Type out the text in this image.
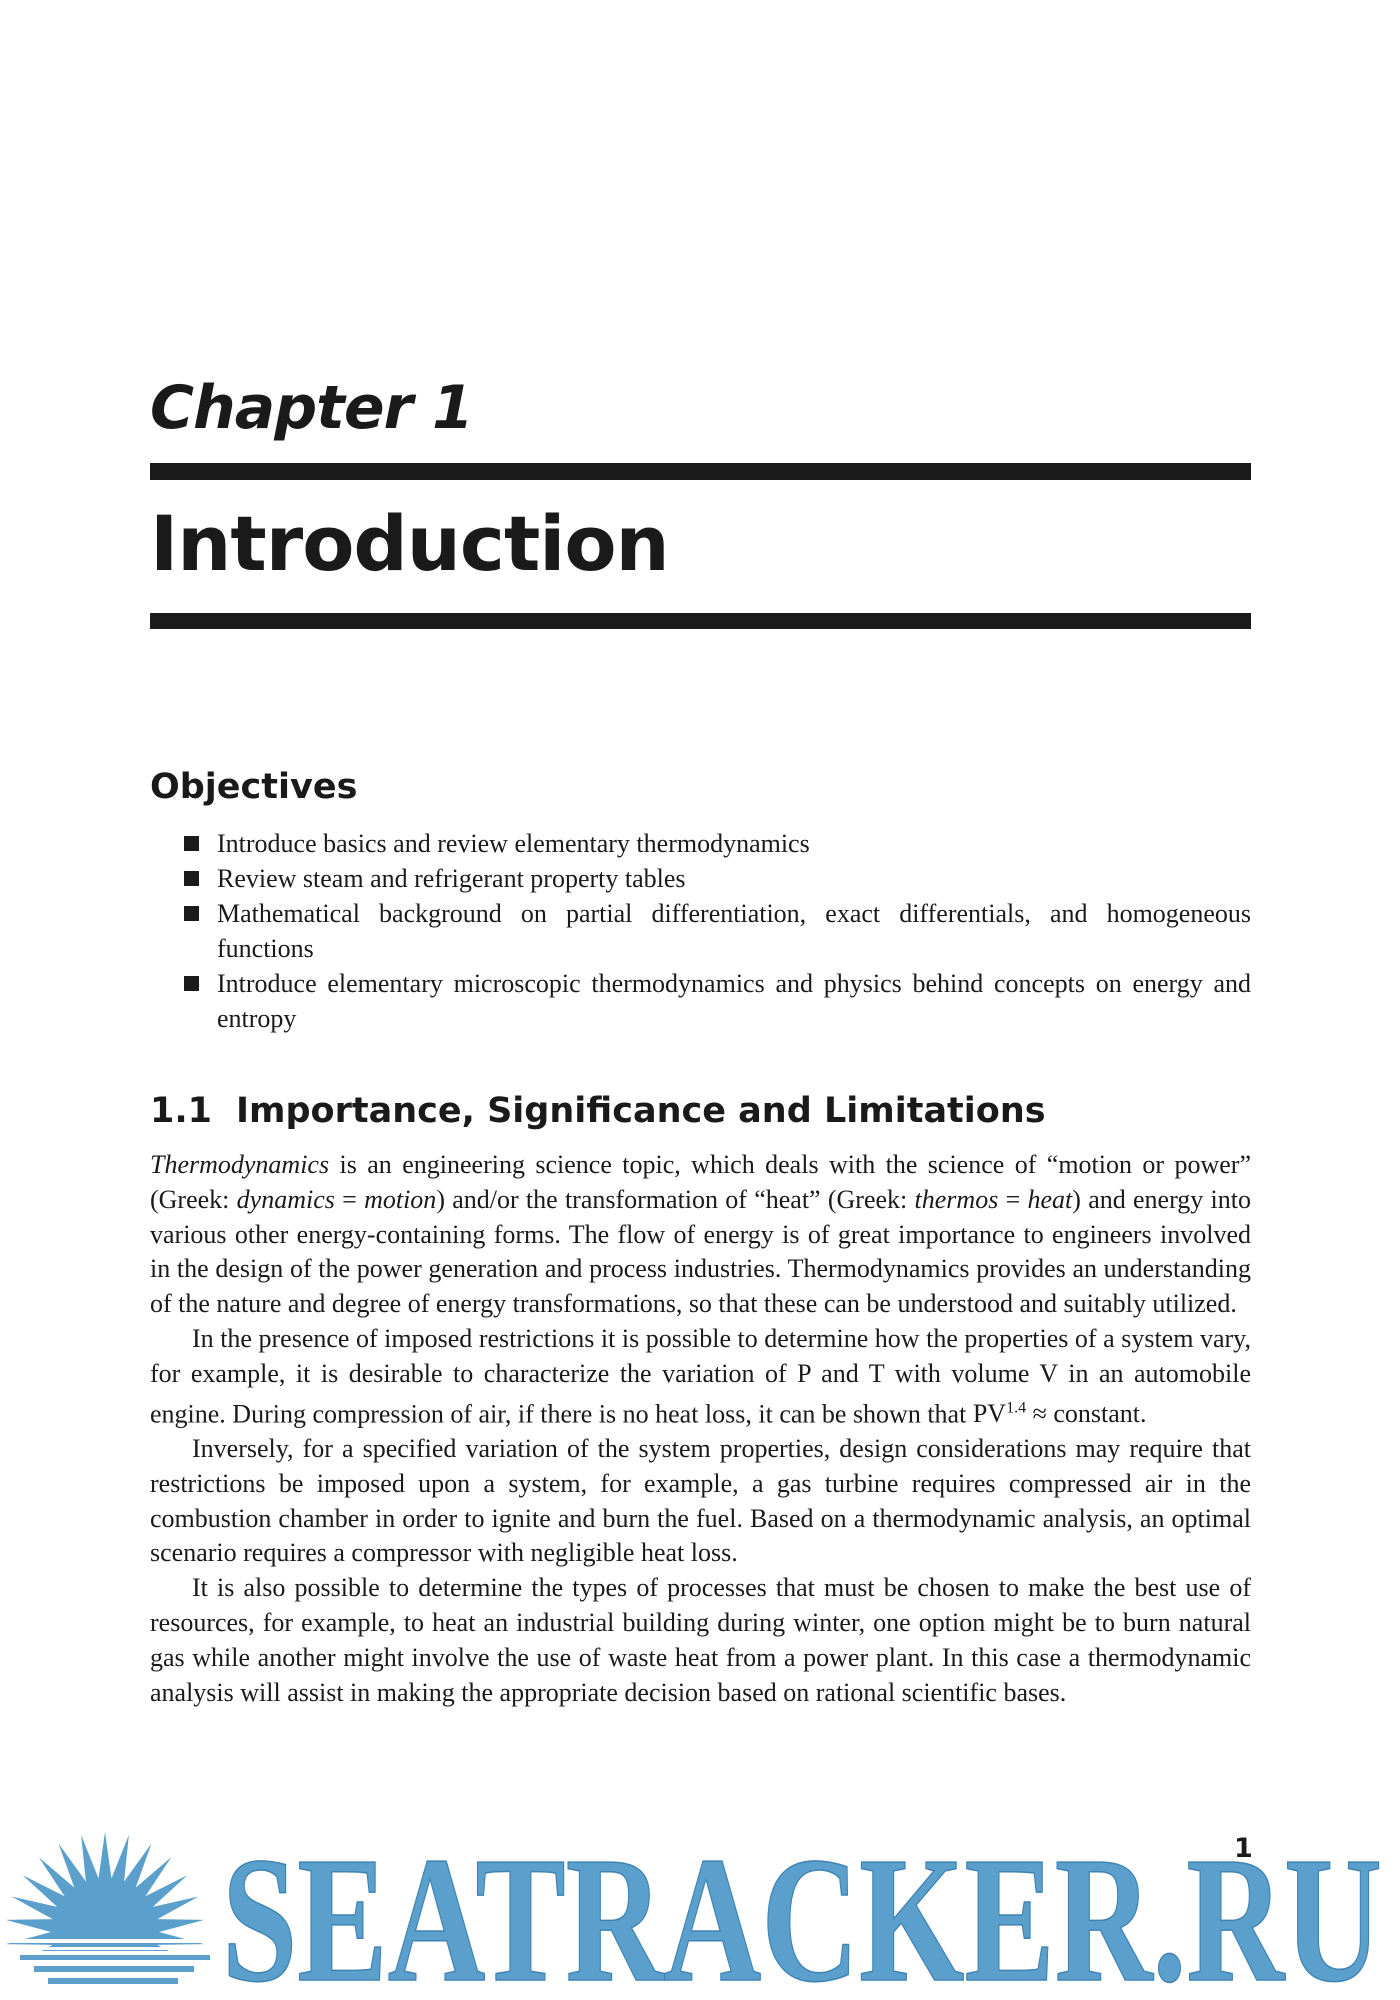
Chapter 1
Introduction
Objectives
Introduce basics and review elementary thermodynamics
Review steam and refrigerant property tables
Mathematical background on partial differentiation, exact differentials, and homogeneous functions
Introduce elementary microscopic thermodynamics and physics behind concepts on energy and entropy
1.1 Importance, Significance and Limitations

Thermodynamics is an engineering science topic, which deals with the science of “motion or power” (Greek: dynamics = motion) and/or the transformation of “heat” (Greek: thermos = heat) and energy into various other energy-containing forms. The flow of energy is of great importance to engineers involved in the design of the power generation and process industries. Thermodynamics provides an understanding of the nature and degree of energy transformations, so that these can be understood and suitably utilized.

In the presence of imposed restrictions it is possible to determine how the properties of a system vary, for example, it is desirable to characterize the variation of P and T with volume V in an automobile engine. During compression of air, if there is no heat loss, it can be shown that $PV^{1.4}$ ≈ constant.

Inversely, for a specified variation of the system properties, design considerations may require that restrictions be imposed upon a system, for example, a gas turbine requires compressed air in the combustion chamber in order to ignite and burn the fuel. Based on a thermodynamic analysis, an optimal scenario requires a compressor with negligible heat loss.

It is also possible to determine the types of processes that must be chosen to make the best use of resources, for example, to heat an industrial building during winter, one option might be to burn natural gas while another might involve the use of waste heat from a power plant. In this case a thermodynamic analysis will assist in making the appropriate decision based on rational scientific bases.

1
SEATRACKER.RU
